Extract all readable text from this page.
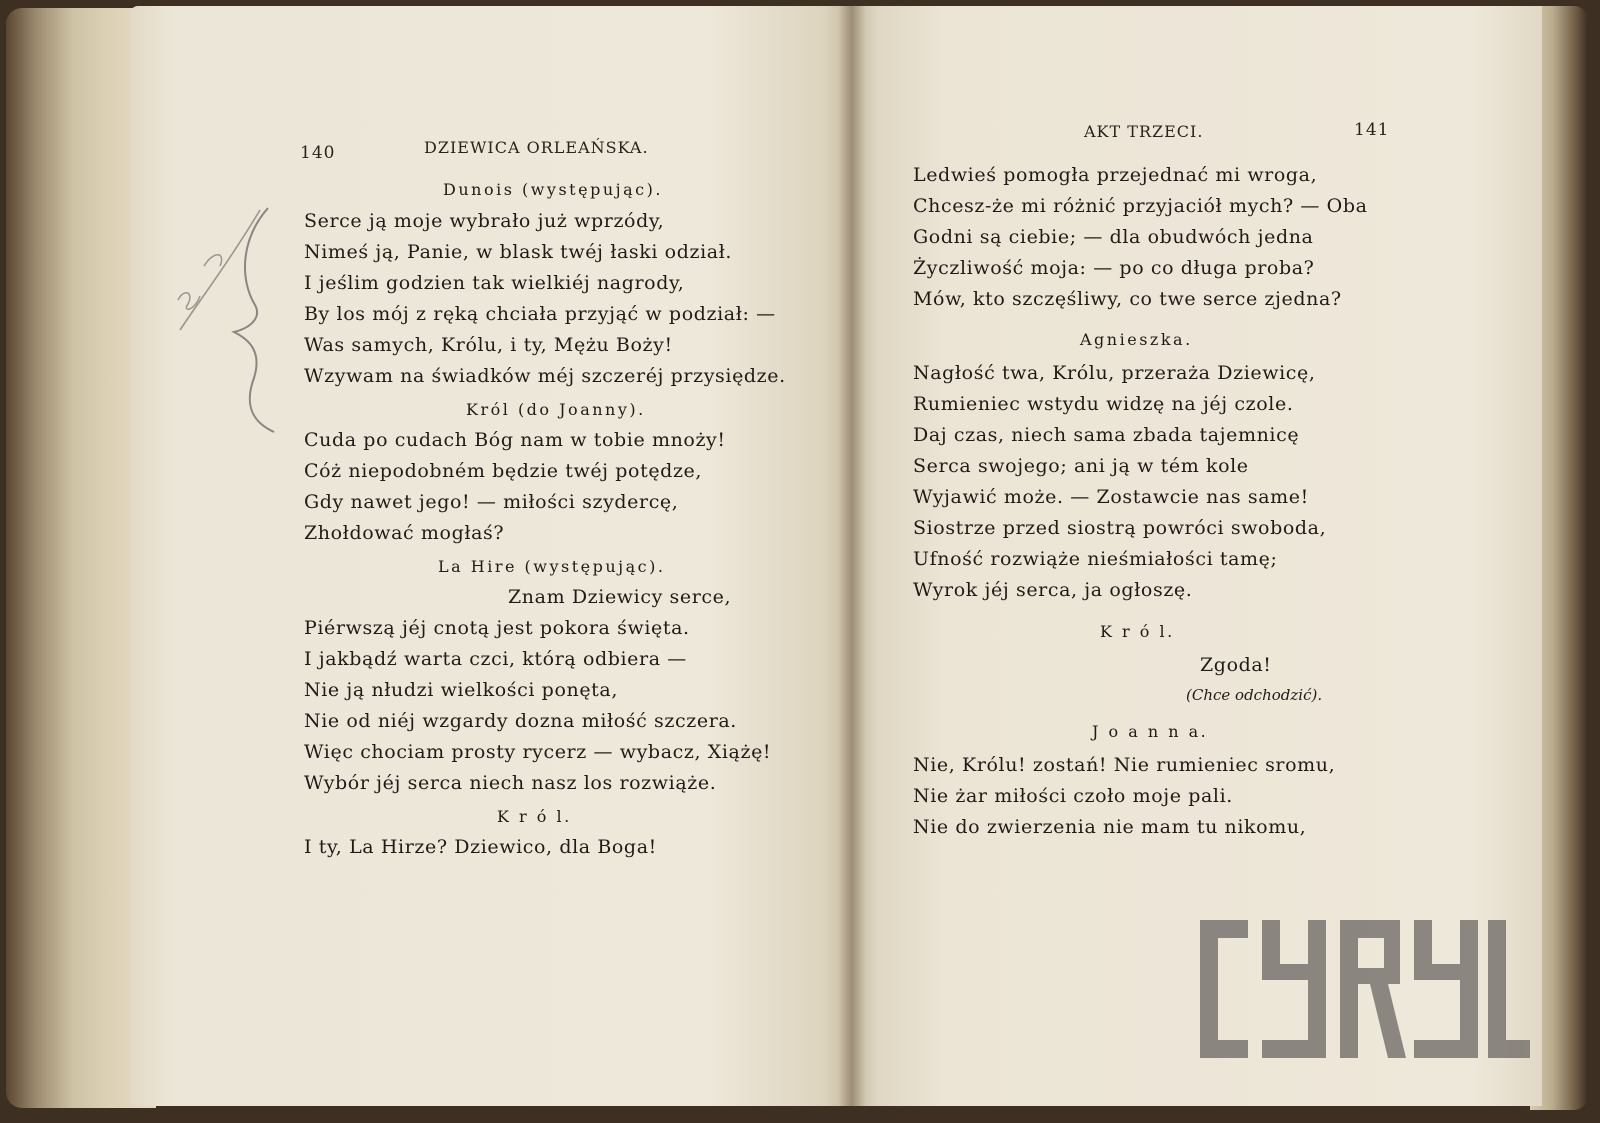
140	DZIEWICA ORLEAŃSKA.
Dunois (występując).
Serce ją moje wybrało już wprzódy,
Nimeś ją, Panie, w blask twéj łaski odział.
I jeślim godzien tak wielkiéj nagrody,
By los mój z ręką chciała przyjąć w podział: —
Was samych, Królu, i ty, Mężu Boży!
Wzywam na świadków méj szczeréj przysiędze.
Król (do Joanny).
Cuda po cudach Bóg nam w tobie mnoży!
Cóż niepodobném będzie twéj potędze,
Gdy nawet jego! — miłości szydercę,
Zhołdować mogłaś?
La Hire (występując).
Znam Dziewicy serce,
Piérwszą jéj cnotą jest pokora święta.
I jakbądź warta czci, którą odbiera —
Nie ją nłudzi wielkości ponęta,
Nie od niéj wzgardy dozna miłość szczera.
Więc chociam prosty rycerz — wybacz, Xiążę!
Wybór jéj serca niech nasz los rozwiąże.
K r ó l.
I ty, La Hirze? Dziewico, dla Boga!
AKT TRZECI.	141
Ledwieś pomogła przejednać mi wroga,
Chcesz-że mi różnić przyjaciół mych? — Oba
Godni są ciebie; — dla obudwóch jedna
Życzliwość moja: — po co długa proba?
Mów, kto szczęśliwy, co twe serce zjedna?
Agnieszka.
Nagłość twa, Królu, przeraża Dziewicę,
Rumieniec wstydu widzę na jéj czole.
Daj czas, niech sama zbada tajemnicę
Serca swojego; ani ją w tém kole
Wyjawić może. — Zostawcie nas same!
Siostrze przed siostrą powróci swoboda,
Ufność rozwiąże nieśmiałości tamę;
Wyrok jéj serca, ja ogłoszę.
K r ó l.
Zgoda!
(Chce odchodzić).
J o a n n a.
Nie, Królu! zostań! Nie rumieniec sromu,
Nie żar miłości czoło moje pali.
Nie do zwierzenia nie mam tu nikomu,
